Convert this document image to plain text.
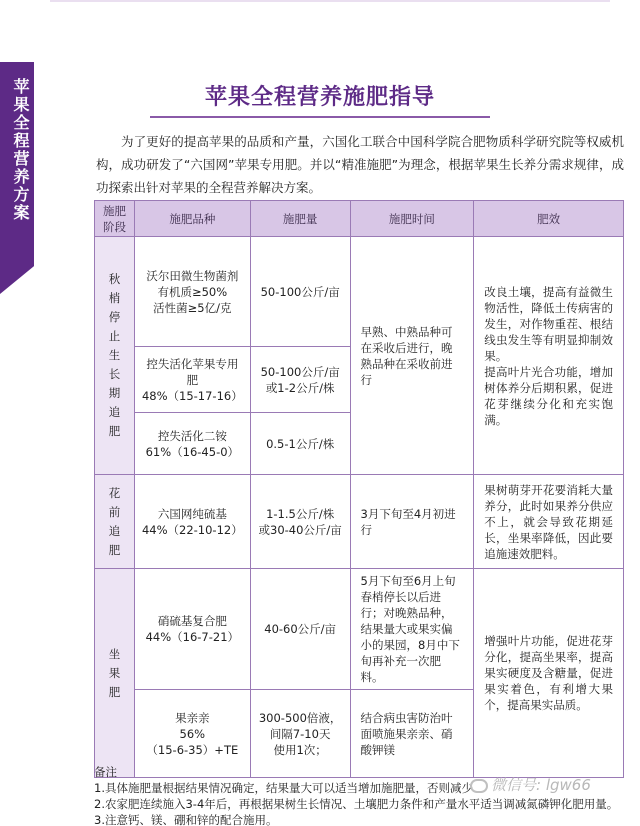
苹果全程营养方案	苹果全程营养施肥指导

为了更好的提高苹果的品质和产量，六国化工联合中国科学院合肥物质科学研究院等权威机构，成功研发了“六国网”苹果专用肥。并以“精准施肥”为理念，根据苹果生长养分需求规律，成功探索出针对苹果的全程营养解决方案。

施肥
阶段	施肥品种	施肥量	施肥时间	肥效

秋梢停止生长期追肥	沃尔田微生物菌剂
有机质≥50%
活性菌≥5亿/克	50-100公斤/亩	早熟、中熟品种可在采收后进行，晚熟品种在采收前进行	改良土壤，提高有益微生物活性，降低土传病害的发生，对作物重茬、根结线虫发生等有明显抑制效果。
提高叶片光合功能，增加树体养分后期积累，促进花芽继续分化和充实饱满。
	控失活化苹果专用肥
48%（15-17-16）	50-100公斤/亩
或1-2公斤/株		
	控失活化二铵
61%（16-45-0）	0.5-1公斤/株		

花前追肥	六国网纯硫基
44%（22-10-12）	1-1.5公斤/株
或30-40公斤/亩	3月下旬至4月初进行	果树萌芽开花要消耗大量养分，此时如果养分供应不上，就会导致花期延长，坐果率降低，因此要追施速效肥料。

坐果肥	硝硫基复合肥
44%（16-7-21）	40-60公斤/亩	5月下旬至6月上旬春梢停长以后进行；对晚熟品种，结果量大或果实偏小的果园，8月中下旬再补充一次肥料。	增强叶片功能，促进花芽分化，提高坐果率，提高果实硬度及含糖量，促进果实着色，有利增大果个，提高果实品质。
	果亲亲
56%
（15-6-35）+TE	300-500倍液，
间隔7-10天
使用1次；	结合病虫害防治叶面喷施果亲亲、硝酸钾镁	
备注
1.具体施肥量根据结果情况确定，结果量大可以适当增加施肥量，否则减少
2.农家肥连续施入3-4年后，再根据果树生长情况、土壤肥力条件和产量水平适当调减氮磷钾化肥用量。
3.注意钙、镁、硼和锌的配合施用。
微信号: lgw66
